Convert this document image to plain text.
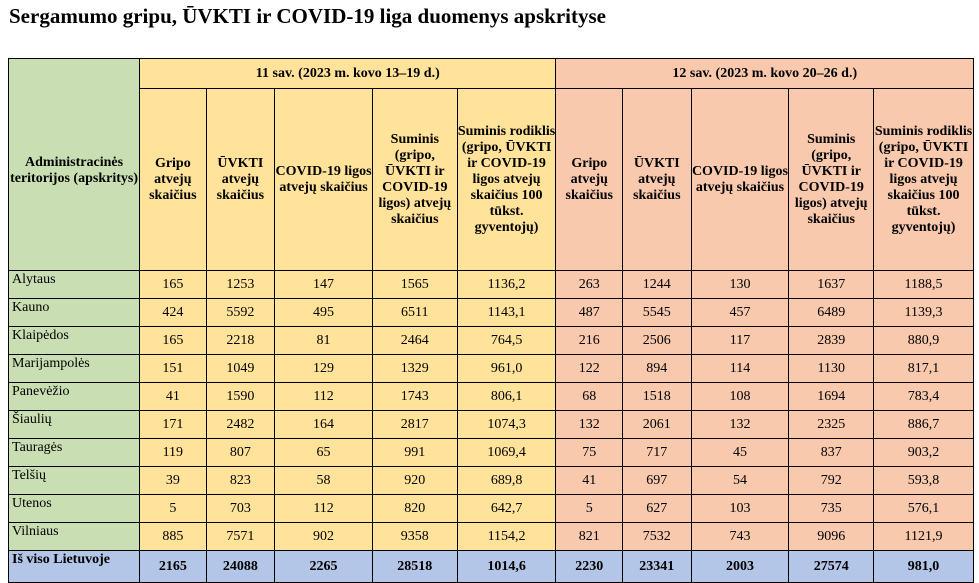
Sergamumo gripu, ŪVKTI ir COVID-19 liga duomenys apskrityse
Administracinės teritorijos (apskritys)	11 sav. (2023 m. kovo 13–19 d.)					12 sav. (2023 m. kovo 20–26 d.)				
	Gripo atvejų skaičius	ŪVKTI atvejų skaičius	COVID-19 ligos atvejų skaičius	Suminis (gripo, ŪVKTI ir COVID-19 ligos) atvejų skaičius	Suminis rodiklis (gripo, ŪVKTI ir COVID-19 ligos atvejų skaičius 100 tūkst. gyventojų)	Gripo atvejų skaičius	ŪVKTI atvejų skaičius	COVID-19 ligos atvejų skaičius	Suminis (gripo, ŪVKTI ir COVID-19 ligos) atvejų skaičius	Suminis rodiklis (gripo, ŪVKTI ir COVID-19 ligos atvejų skaičius 100 tūkst. gyventojų)
Alytaus	165	1253	147	1565	1136,2	263	1244	130	1637	1188,5
Kauno	424	5592	495	6511	1143,1	487	5545	457	6489	1139,3
Klaipėdos	165	2218	81	2464	764,5	216	2506	117	2839	880,9
Marijampolės	151	1049	129	1329	961,0	122	894	114	1130	817,1
Panevėžio	41	1590	112	1743	806,1	68	1518	108	1694	783,4
Šiaulių	171	2482	164	2817	1074,3	132	2061	132	2325	886,7
Tauragės	119	807	65	991	1069,4	75	717	45	837	903,2
Telšių	39	823	58	920	689,8	41	697	54	792	593,8
Utenos	5	703	112	820	642,7	5	627	103	735	576,1
Vilniaus	885	7571	902	9358	1154,2	821	7532	743	9096	1121,9
Iš viso Lietuvoje	2165	24088	2265	28518	1014,6	2230	23341	2003	27574	981,0
